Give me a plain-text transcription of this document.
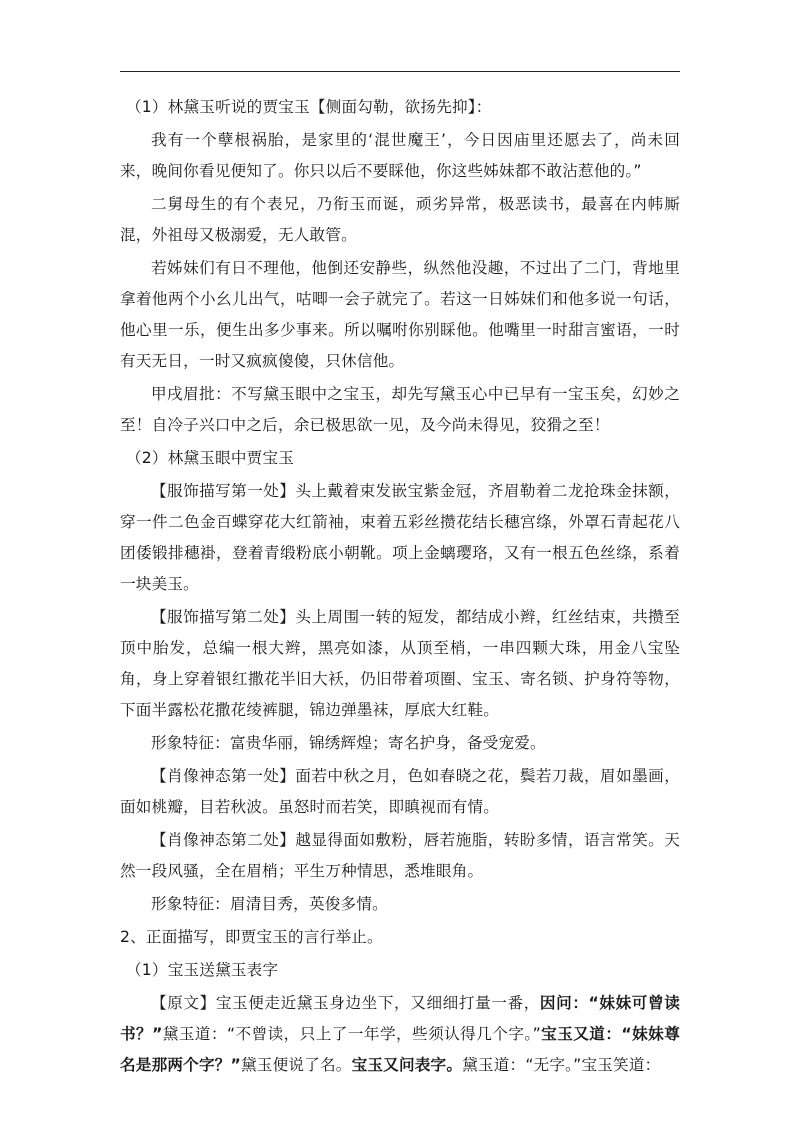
（1）林黛玉听说的贾宝玉【侧面勾勒，欲扬先抑】：

我有一个孽根祸胎，是家里的‘混世魔王’，今日因庙里还愿去了，尚未回来，晚间你看见便知了。你只以后不要睬他，你这些姊妹都不敢沾惹他的。”

二舅母生的有个表兄，乃衔玉而诞，顽劣异常，极恶读书，最喜在内帏厮混，外祖母又极溺爱，无人敢管。

若姊妹们有日不理他，他倒还安静些，纵然他没趣，不过出了二门，背地里拿着他两个小幺儿出气，咕唧一会子就完了。若这一日姊妹们和他多说一句话，他心里一乐，便生出多少事来。所以嘱咐你别睬他。他嘴里一时甜言蜜语，一时有天无日，一时又疯疯傻傻，只休信他。

甲戌眉批：不写黛玉眼中之宝玉，却先写黛玉心中已早有一宝玉矣，幻妙之至！自冷子兴口中之后，余已极思欲一见，及今尚未得见，狡猾之至！

（2）林黛玉眼中贾宝玉

【服饰描写第一处】头上戴着束发嵌宝紫金冠，齐眉勒着二龙抢珠金抹额，穿一件二色金百蝶穿花大红箭袖，束着五彩丝攒花结长穗宫绦，外罩石青起花八团倭锻排穗褂，登着青缎粉底小朝靴。项上金螭璎珞，又有一根五色丝绦，系着一块美玉。

【服饰描写第二处】头上周围一转的短发，都结成小辫，红丝结束，共攒至顶中胎发，总编一根大辫，黑亮如漆，从顶至梢，一串四颗大珠，用金八宝坠角，身上穿着银红撒花半旧大袄，仍旧带着项圈、宝玉、寄名锁、护身符等物，下面半露松花撒花绫裤腿，锦边弹墨袜，厚底大红鞋。

形象特征：富贵华丽，锦绣辉煌；寄名护身，备受宠爱。

【肖像神态第一处】面若中秋之月，色如春晓之花，鬓若刀裁，眉如墨画，面如桃瓣，目若秋波。虽怒时而若笑，即瞋视而有情。

【肖像神态第二处】越显得面如敷粉，唇若施脂，转盼多情，语言常笑。天然一段风骚，全在眉梢；平生万种情思，悉堆眼角。

形象特征：眉清目秀，英俊多情。

2、正面描写，即贾宝玉的言行举止。

（1）宝玉送黛玉表字

【原文】宝玉便走近黛玉身边坐下，又细细打量一番，因问：“妹妹可曾读书？”黛玉道：“不曾读，只上了一年学，些须认得几个字。”宝玉又道：“妹妹尊名是那两个字？”黛玉便说了名。宝玉又问表字。黛玉道：“无字。”宝玉笑道：
